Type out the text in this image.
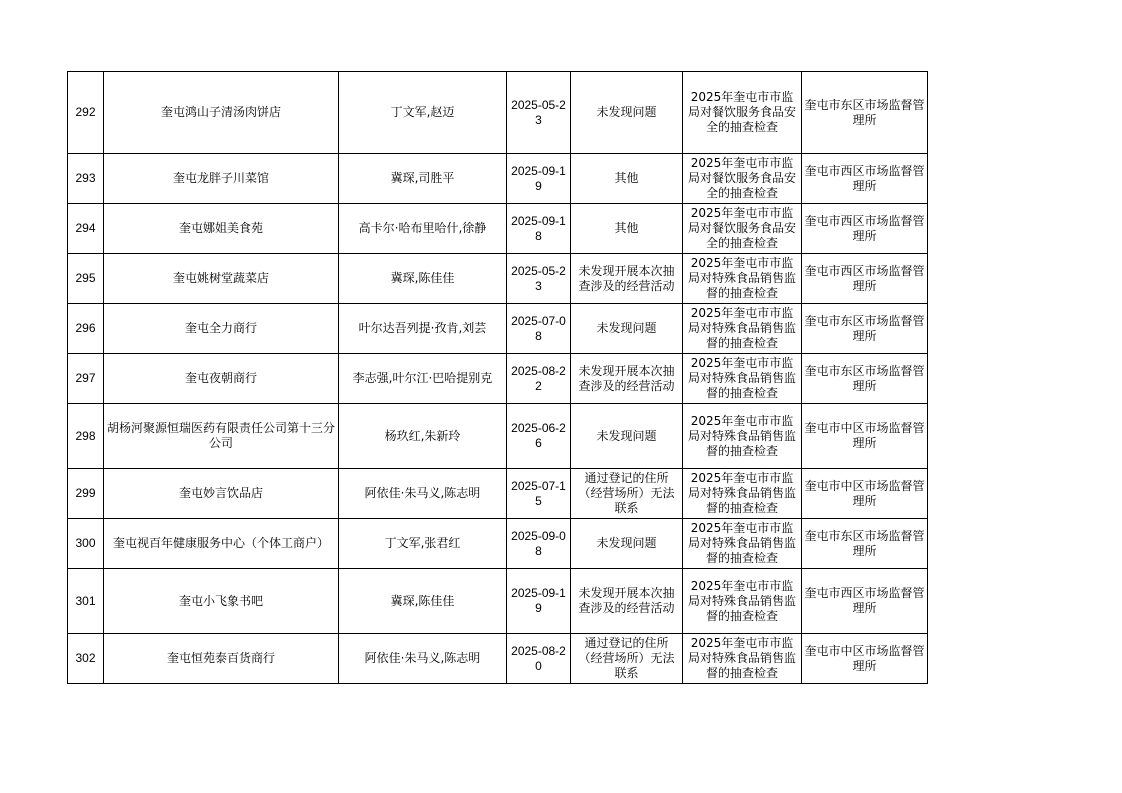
292	奎屯鸿山子清汤肉饼店	丁文军,赵迈	2025-05-23	未发现问题	2025年奎屯市市监局对餐饮服务食品安全的抽查检查	奎屯市东区市场监督管理所
293	奎屯龙胖子川菜馆	冀琛,司胜平	2025-09-19	其他	2025年奎屯市市监局对餐饮服务食品安全的抽查检查	奎屯市西区市场监督管理所
294	奎屯娜姐美食苑	高卡尔·哈布里哈什,徐静	2025-09-18	其他	2025年奎屯市市监局对餐饮服务食品安全的抽查检查	奎屯市西区市场监督管理所
295	奎屯姚树堂蔬菜店	冀琛,陈佳佳	2025-05-23	未发现开展本次抽查涉及的经营活动	2025年奎屯市市监局对特殊食品销售监督的抽查检查	奎屯市西区市场监督管理所
296	奎屯全力商行	叶尔达吾列提·孜肯,刘芸	2025-07-08	未发现问题	2025年奎屯市市监局对特殊食品销售监督的抽查检查	奎屯市东区市场监督管理所
297	奎屯夜朝商行	李志强,叶尔江·巴哈提别克	2025-08-22	未发现开展本次抽查涉及的经营活动	2025年奎屯市市监局对特殊食品销售监督的抽查检查	奎屯市东区市场监督管理所
298	胡杨河聚源恒瑞医药有限责任公司第十三分公司	杨玖红,朱新玲	2025-06-26	未发现问题	2025年奎屯市市监局对特殊食品销售监督的抽查检查	奎屯市中区市场监督管理所
299	奎屯妙言饮品店	阿依佳·朱马义,陈志明	2025-07-15	通过登记的住所（经营场所）无法联系	2025年奎屯市市监局对特殊食品销售监督的抽查检查	奎屯市中区市场监督管理所
300	奎屯视百年健康服务中心（个体工商户）	丁文军,张君红	2025-09-08	未发现问题	2025年奎屯市市监局对特殊食品销售监督的抽查检查	奎屯市东区市场监督管理所
301	奎屯小飞象书吧	冀琛,陈佳佳	2025-09-19	未发现开展本次抽查涉及的经营活动	2025年奎屯市市监局对特殊食品销售监督的抽查检查	奎屯市西区市场监督管理所
302	奎屯恒苑泰百货商行	阿依佳·朱马义,陈志明	2025-08-20	通过登记的住所（经营场所）无法联系	2025年奎屯市市监局对特殊食品销售监督的抽查检查	奎屯市中区市场监督管理所
